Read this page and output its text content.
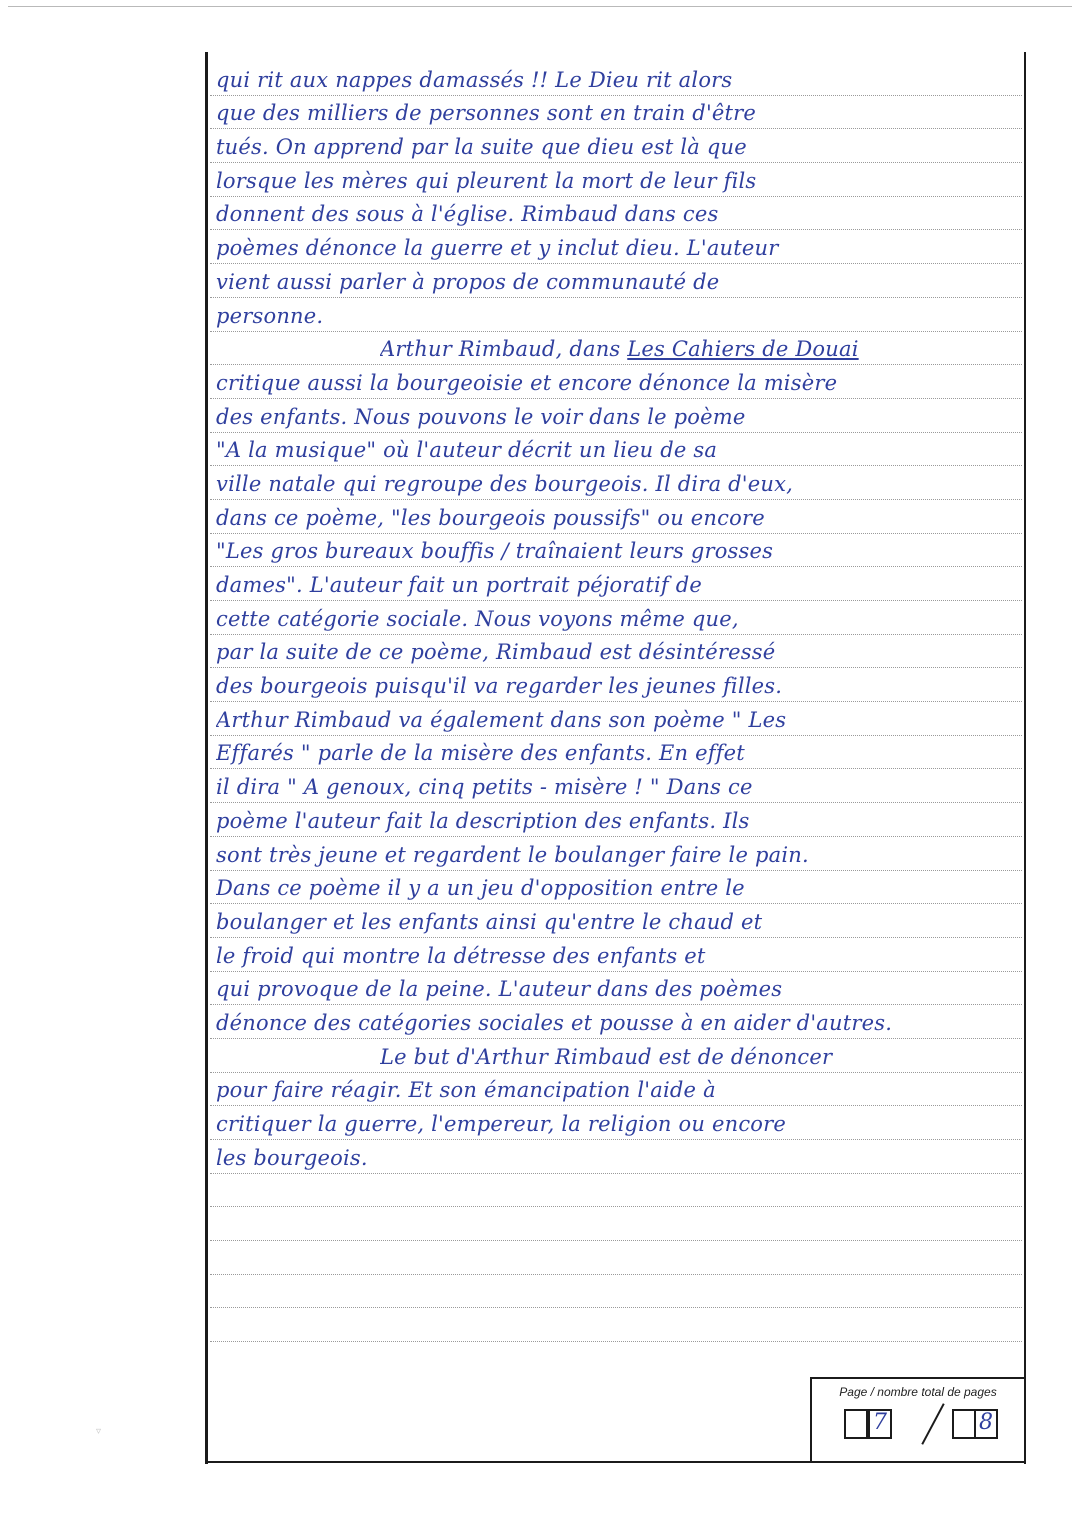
qui rit aux nappes damassés !! Le Dieu rit alors
que des milliers de personnes sont en train d'être
tués. On apprend par la suite que dieu est là que
lorsque les mères qui pleurent la mort de leur fils
donnent des sous à l'église. Rimbaud dans ces
poèmes dénonce la guerre et y inclut dieu. L'auteur
vient aussi parler à propos de communauté de
personne.
Arthur Rimbaud, dans Les Cahiers de Douai
critique aussi la bourgeoisie et encore dénonce la misère
des enfants. Nous pouvons le voir dans le poème
"A la musique" où l'auteur décrit un lieu de sa
ville natale qui regroupe des bourgeois. Il dira d'eux,
dans ce poème, "les bourgeois poussifs" ou encore
"Les gros bureaux bouffis / traînaient leurs grosses
dames". L'auteur fait un portrait péjoratif de
cette catégorie sociale. Nous voyons même que,
par la suite de ce poème, Rimbaud est désintéressé
des bourgeois puisqu'il va regarder les jeunes filles.
Arthur Rimbaud va également dans son poème " Les
Effarés " parle de la misère des enfants. En effet
il dira " A genoux, cinq petits - misère ! " Dans ce
poème l'auteur fait la description des enfants. Ils
sont très jeune et regardent le boulanger faire le pain.
Dans ce poème il y a un jeu d'opposition entre le
boulanger et les enfants ainsi qu'entre le chaud et
le froid qui montre la détresse des enfants et
qui provoque de la peine. L'auteur dans des poèmes
dénonce des catégories sociales et pousse à en aider d'autres.
Le but d'Arthur Rimbaud est de dénoncer
pour faire réagir. Et son émancipation l'aide à
critiquer la guerre, l'empereur, la religion ou encore
les bourgeois.
Page / nombre total de pages
7	8
▿
